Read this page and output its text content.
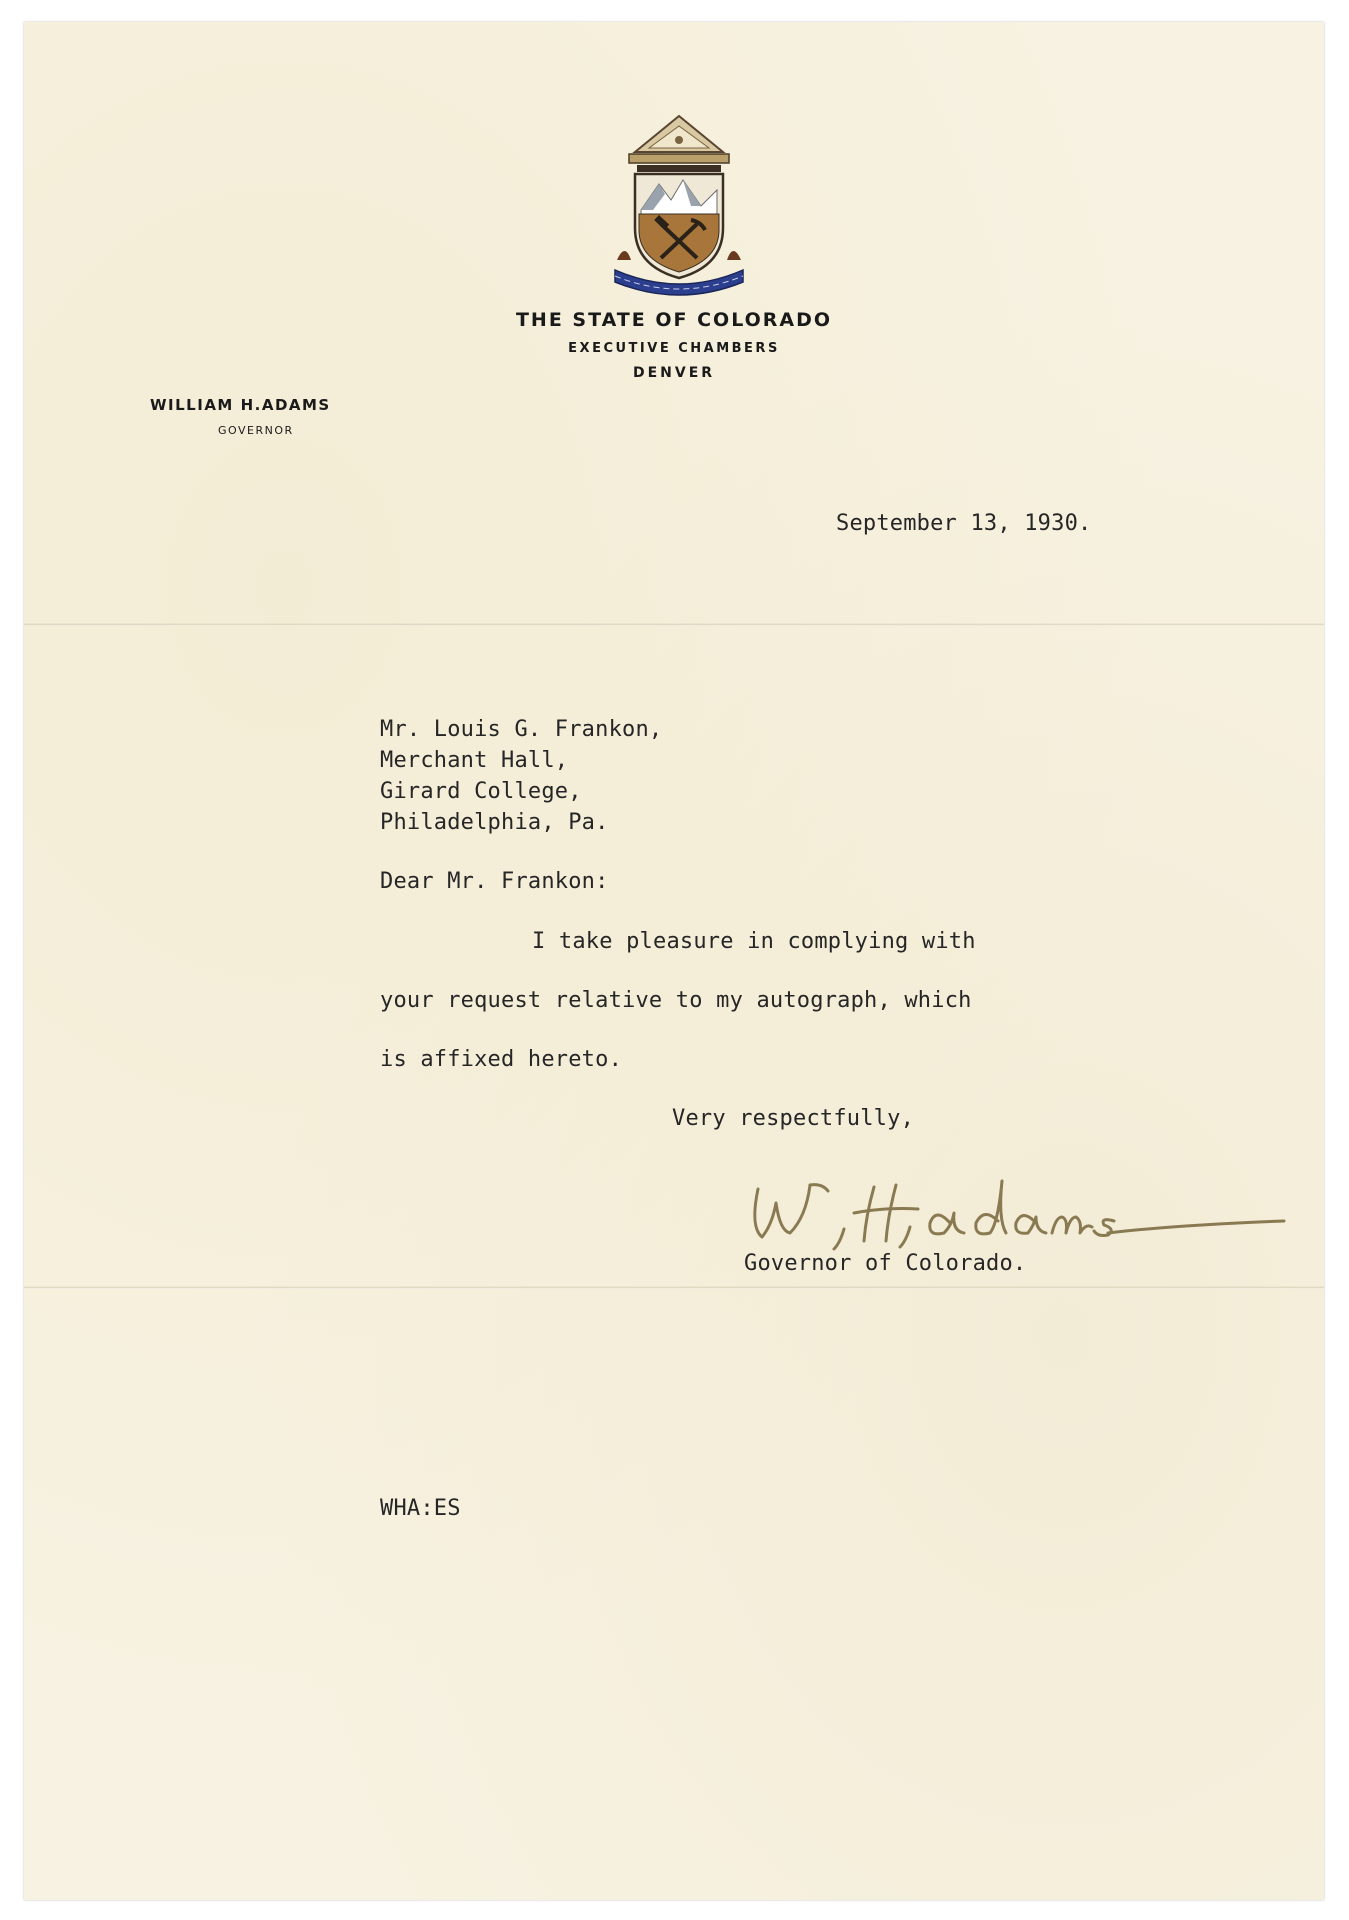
THE STATE OF COLORADO
EXECUTIVE CHAMBERS
DENVER
WILLIAM H.ADAMS
GOVERNOR
September 13, 1930.
Mr. Louis G. Frankon,
Merchant Hall,
Girard College,
Philadelphia, Pa.
Dear Mr. Frankon:
I take pleasure in complying with
your request relative to my autograph, which
is affixed hereto.
Very respectfully,
Governor of Colorado.
WHA:ES
